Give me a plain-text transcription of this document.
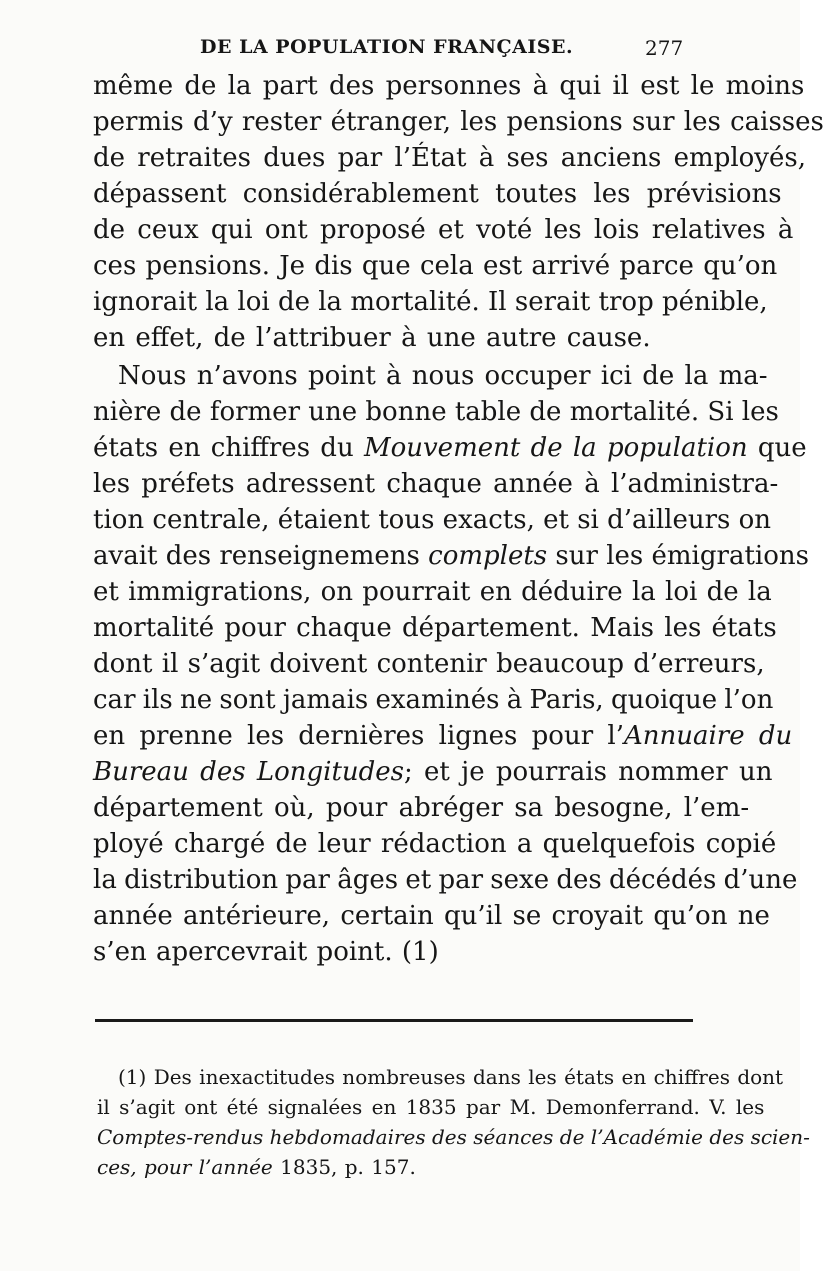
DE LA POPULATION FRANÇAISE.	277
même de la part des personnes à qui il est le moins
permis d’y rester étranger, les pensions sur les caisses
de retraites dues par l’État à ses anciens employés,
dépassent considérablement toutes les prévisions
de ceux qui ont proposé et voté les lois relatives à
ces pensions. Je dis que cela est arrivé parce qu’on
ignorait la loi de la mortalité. Il serait trop pénible,
en effet, de l’attribuer à une autre cause.
Nous n’avons point à nous occuper ici de la ma-
nière de former une bonne table de mortalité. Si les
états en chiffres du Mouvement de la population que
les préfets adressent chaque année à l’administra-
tion centrale, étaient tous exacts, et si d’ailleurs on
avait des renseignemens complets sur les émigrations
et immigrations, on pourrait en déduire la loi de la
mortalité pour chaque département. Mais les états
dont il s’agit doivent contenir beaucoup d’erreurs,
car ils ne sont jamais examinés à Paris, quoique l’on
en prenne les dernières lignes pour l’Annuaire du
Bureau des Longitudes; et je pourrais nommer un
département où, pour abréger sa besogne, l’em-
ployé chargé de leur rédaction a quelquefois copié
la distribution par âges et par sexe des décédés d’une
année antérieure, certain qu’il se croyait qu’on ne
s’en apercevrait point. (1)
(1) Des inexactitudes nombreuses dans les états en chiffres dont
il s’agit ont été signalées en 1835 par M. Demonferrand. V. les
Comptes-rendus hebdomadaires des séances de l’Académie des scien-
ces, pour l’année 1835, p. 157.
